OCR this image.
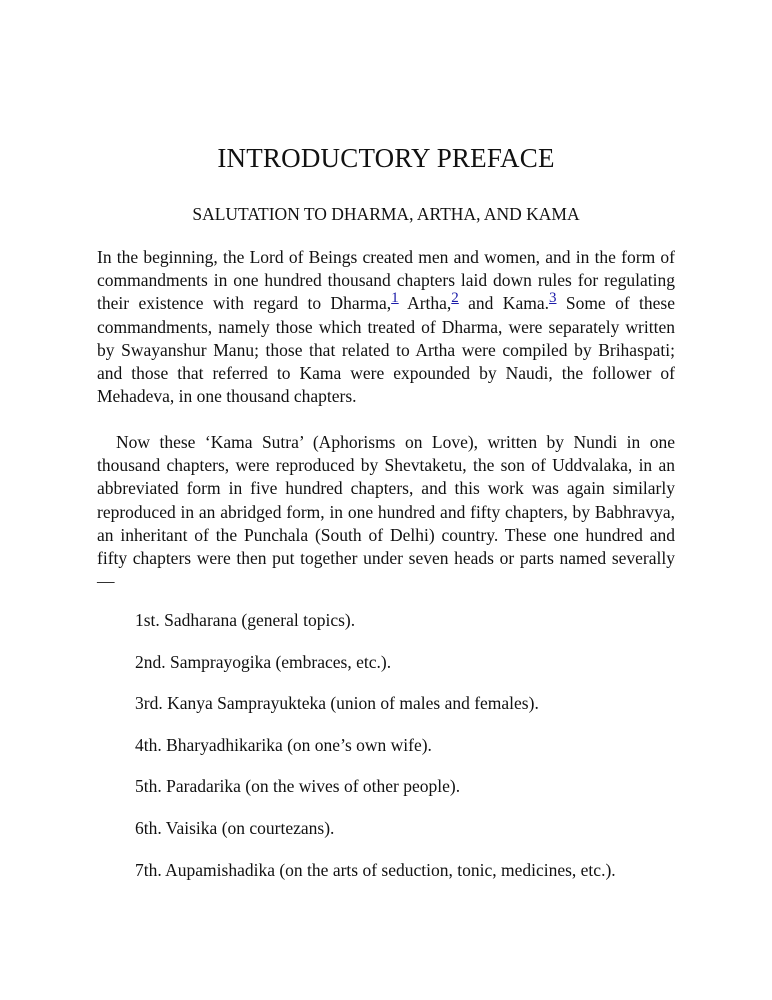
INTRODUCTORY PREFACE
SALUTATION TO DHARMA, ARTHA, AND KAMA

In the beginning, the Lord of Beings created men and women, and in the form of commandments in one hundred thousand chapters laid down rules for regulating their existence with regard to Dharma,1 Artha,2 and Kama.3 Some of these commandments, namely those which treated of Dharma, were separately written by Swayanshur Manu; those that related to Artha were compiled by Brihaspati; and those that referred to Kama were expounded by Naudi, the follower of Mehadeva, in one thousand chapters.

Now these ‘Kama Sutra’ (Aphorisms on Love), written by Nundi in one thousand chapters, were reproduced by Shevtaketu, the son of Uddvalaka, in an abbreviated form in five hundred chapters, and this work was again similarly reproduced in an abridged form, in one hundred and fifty chapters, by Babhravya, an inheritant of the Punchala (South of Delhi) country. These one hundred and fifty chapters were then put together under seven heads or parts named severally—

1st. Sadharana (general topics).
2nd. Samprayogika (embraces, etc.).
3rd. Kanya Samprayukteka (union of males and females).
4th. Bharyadhikarika (on one’s own wife).
5th. Paradarika (on the wives of other people).
6th. Vaisika (on courtezans).
7th. Aupamishadika (on the arts of seduction, tonic, medicines, etc.).
